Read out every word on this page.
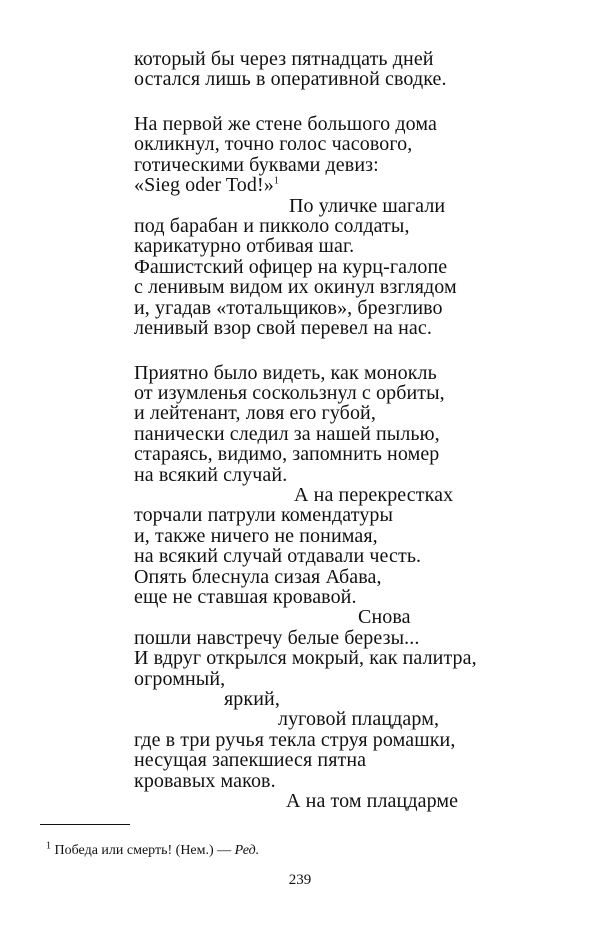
который бы через пятнадцать дней
остался лишь в оперативной сводке.
На первой же стене большого дома
окликнул, точно голос часового,
готическими буквами девиз:
«Sieg oder Tod!»$^1$
По уличке шагали
под барабан и пикколо солдаты,
карикатурно отбивая шаг.
Фашистский офицер на курц-галопе
с ленивым видом их окинул взглядом
и, угадав «тотальщиков», брезгливо
ленивый взор свой перевел на нас.
Приятно было видеть, как монокль
от изумленья соскользнул с орбиты,
и лейтенант, ловя его губой,
панически следил за нашей пылью,
стараясь, видимо, запомнить номер
на всякий случай.
А на перекрестках
торчали патрули комендатуры
и, также ничего не понимая,
на всякий случай отдавали честь.
Опять блеснула сизая Абава,
еще не ставшая кровавой.
Снова
пошли навстречу белые березы...
И вдруг открылся мокрый, как палитра,
огромный,
яркий,
луговой плацдарм,
где в три ручья текла струя ромашки,
несущая запекшиеся пятна
кровавых маков.
А на том плацдарме
$^1$ Победа или смерть! (Нем.) — Ред.
239
